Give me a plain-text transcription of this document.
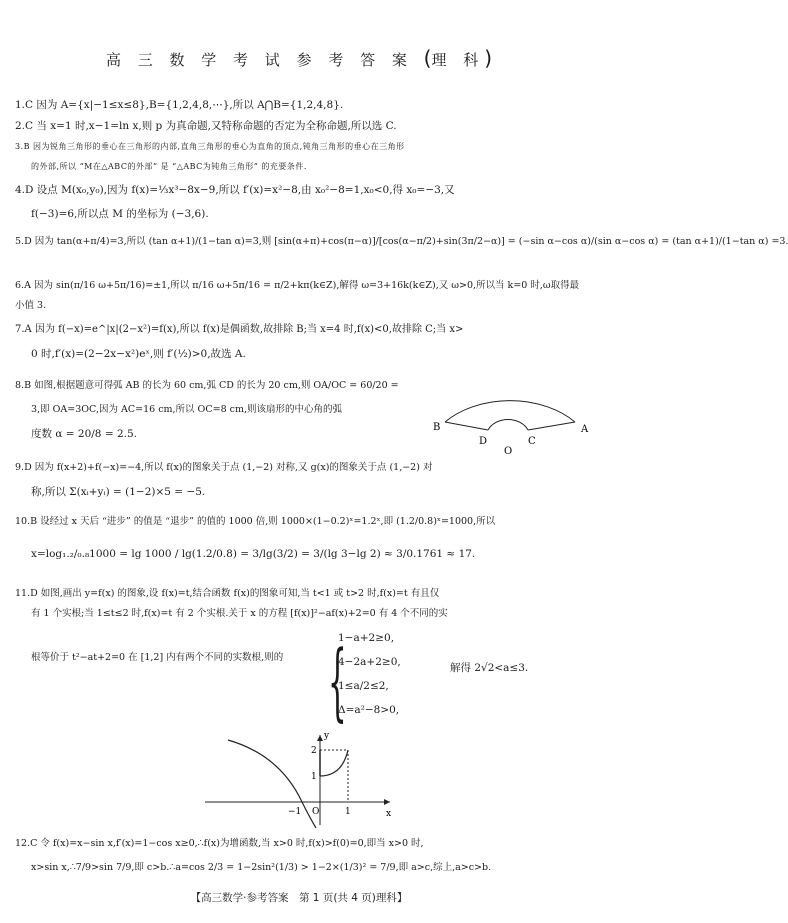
高 三 数 学 考 试 参 考 答 案 (理 科)
1.C 因为 A={x|−1≤x≤8},B={1,2,4,8,⋯},所以 A⋂B={1,2,4,8}.
2.C 当 x=1 时,x−1=ln x,则 p 为真命题,又特称命题的否定为全称命题,所以选 C.
3.B 因为锐角三角形的垂心在三角形的内部,直角三角形的垂心为直角的顶点,钝角三角形的垂心在三角形
的外部,所以 “M在△ABC的外部” 是 “△ABC为钝角三角形” 的充要条件.
4.D 设点 M(x₀,y₀),因为 f(x)=⅓x³−8x−9,所以 f′(x)=x²−8,由 x₀²−8=1,x₀<0,得 x₀=−3,又
f(−3)=6,所以点 M 的坐标为 (−3,6).
5.D 因为 tan(α+π/4)=3,所以 (tan α+1)/(1−tan α)=3,则 [sin(α+π)+cos(π−α)]/[cos(α−π/2)+sin(3π/2−α)] = (−sin α−cos α)/(sin α−cos α) = (tan α+1)/(1−tan α) =3.
6.A 因为 sin(π/16 ω+5π/16)=±1,所以 π/16 ω+5π/16 = π/2+kπ(k∈Z),解得 ω=3+16k(k∈Z),又 ω>0,所以当 k=0 时,ω取得最小值 3.
7.A 因为 f(−x)=e^|x|(2−x²)=f(x),所以 f(x)是偶函数,故排除 B;当 x=4 时,f(x)<0,故排除 C;当 x>
0 时,f′(x)=(2−2x−x²)eˣ,则 f′(½)>0,故选 A.
8.B 如图,根据题意可得弧 AB 的长为 60 cm,弧 CD 的长为 20 cm,则 OA/OC = 60/20 =
3,即 OA=3OC,因为 AC=16 cm,所以 OC=8 cm,则该扇形的中心角的弧
度数 α = 20/8 = 2.5.
B	A
D	C
O
9.D 因为 f(x+2)+f(−x)=−4,所以 f(x)的图象关于点 (1,−2) 对称,又 g(x)的图象关于点 (1,−2) 对
称,所以 Σ(xᵢ+yᵢ) = (1−2)×5 = −5.
10.B 设经过 x 天后 “进步” 的值是 “退步” 的值的 1000 倍,则 1000×(1−0.2)ˣ=1.2ˣ,即 (1.2/0.8)ˣ=1000,所以
x=log₁.₂/₀.₈1000 = lg 1000 / lg(1.2/0.8) = 3/lg(3/2) = 3/(lg 3−lg 2) ≈ 3/0.1761 ≈ 17.
11.D 如图,画出 y=f(x) 的图象,设 f(x)=t,结合函数 f(x)的图象可知,当 t<1 或 t>2 时,f(x)=t 有且仅
有 1 个实根;当 1≤t≤2 时,f(x)=t 有 2 个实根.关于 x 的方程 [f(x)]²−af(x)+2=0 有 4 个不同的实
根等价于 t²−at+2=0 在 [1,2] 内有两个不同的实数根,则的 {
1−a+2≥0,
4−2a+2≥0,
1≤a/2≤2,
Δ=a²−8>0,
解得 2√2<a≤3.
y
x
O
−1	1
1
2
12.C 令 f(x)=x−sin x,f′(x)=1−cos x≥0,∴f(x)为增函数,当 x>0 时,f(x)>f(0)=0,即当 x>0 时,
x>sin x,∴7/9>sin 7/9,即 c>b.∴a=cos 2/3 = 1−2sin²(1/3) > 1−2×(1/3)² = 7/9,即 a>c,综上,a>c>b.
【高三数学·参考答案　第 1 页(共 4 页)理科】
